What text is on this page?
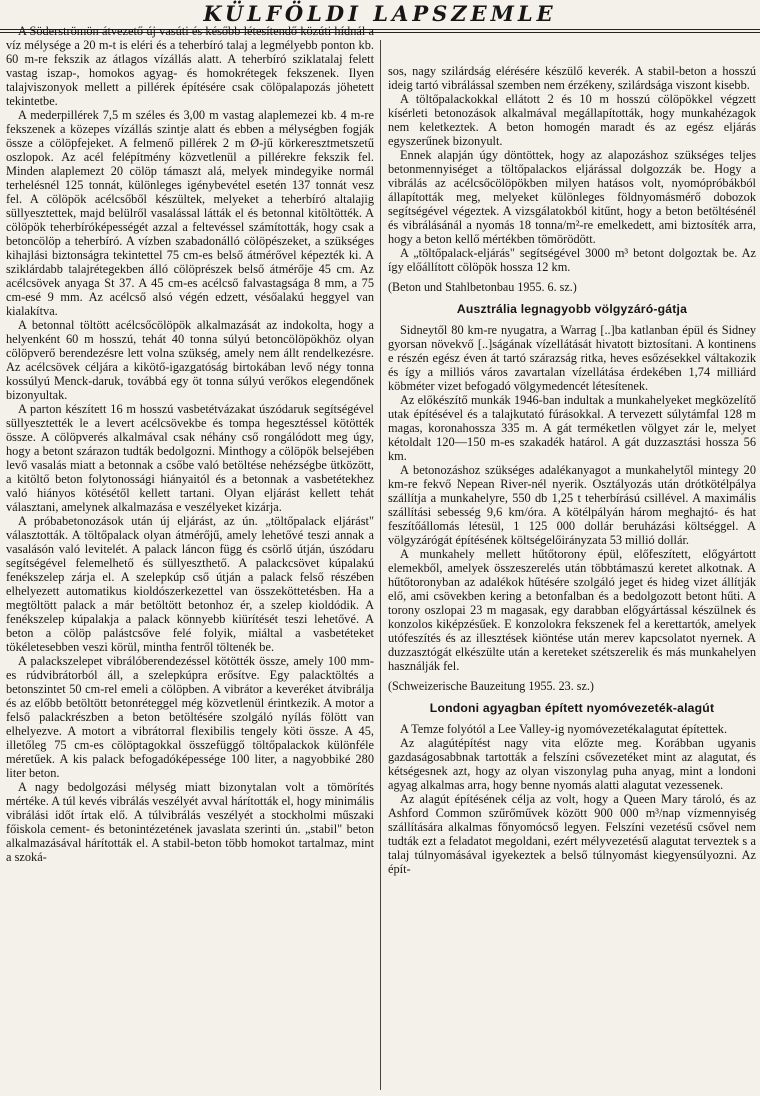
KÜLFÖLDI LAPSZEMLE

A Söderströmön átvezető új vasúti és később létesítendő közúti hídnál a víz mélysége a 20 m-t is eléri és a teherbíró talaj a legmélyebb ponton kb. 60 m-re fekszik az átlagos vízállás alatt. A teherbíró sziklatalaj felett vastag iszap-, homokos agyag- és homokrétegek fekszenek. Ilyen talajviszonyok mellett a pillérek építésére csak cölöpalapozás jöhetett tekintetbe.

A mederpillérek 7,5 m széles és 3,00 m vastag alaplemezei kb. 4 m-re fekszenek a közepes vízállás szintje alatt és ebben a mélységben fogják össze a cölöpfejeket. A felmenő pillérek 2 m Ø-jű körkeresztmetszetű oszlopok. Az acél felépítmény közvetlenül a pillérekre fekszik fel. Minden alaplemezt 20 cölöp támaszt alá, melyek mindegyike normál terhelésnél 125 tonnát, különleges igénybevétel esetén 137 tonnát vesz fel. A cölöpök acélcsőből készültek, melyeket a teherbíró altalajig süllyesztettek, majd belülről vasalással látták el és betonnal kitöltötték. A cölöpök teherbíróképességét azzal a feltevéssel számították, hogy csak a betoncölöp a teherbíró. A vízben szabadonálló cölöpészeket, a szükséges kihajlási biztonságra tekintettel 75 cm-es belső átmérővel képezték ki. A sziklárdabb talajrétegekben álló cölöprészek belső átmérője 45 cm. Az acélcsövek anyaga St 37. A 45 cm-es acélcső falvastagsága 8 mm, a 75 cm-esé 9 mm. Az acélcső alsó végén edzett, vésőalakú heggyel van kialakítva.

A betonnal töltött acélcsőcölöpök alkalmazását az indokolta, hogy a helyenként 60 m hosszú, tehát 40 tonna súlyú betoncölöpökhöz olyan cölöpverő berendezésre lett volna szükség, amely nem állt rendelkezésre. Az acélcsövek céljára a kikötő-igazgatóság birtokában levő négy tonna kossúlyú Menck-daruk, továbbá egy öt tonna súlyú verőkos elegendőnek bizonyultak.

A parton készített 16 m hosszú vasbetétvázakat úszódaruk segítségével süllyesztették le a levert acélcsövekbe és tompa hegesztéssel kötötték össze. A cölöpverés alkalmával csak néhány cső rongálódott meg úgy, hogy a betont szárazon tudták bedolgozni. Minthogy a cölöpök belsejében levő vasalás miatt a betonnak a csőbe való betöltése nehézségbe ütközött, a kitöltő beton folytonossági hiányaitól és a betonnak a vasbetétekhez való hiányos kötésétől kellett tartani. Olyan eljárást kellett tehát választani, amelynek alkalmazása e veszélyeket kizárja.

A próbabetonozások után új eljárást, az ún. „töltőpalack eljárást" választották. A töltőpalack olyan átmérőjű, amely lehetővé teszi annak a vasalásón való levitelét. A palack láncon függ és csörlő útján, úszódaru segítségével felemelhető és süllyeszthető. A palackcsövet kúpalakú fenékszelep zárja el. A szelepkúp cső útján a palack felső részében elhelyezett automatikus kioldószerkezettel van összeköttetésben. Ha a megtöltött palack a már betöltött betonhoz ér, a szelep kioldódik. A fenékszelep kúpalakja a palack könnyebb kiürítését teszi lehetővé. A beton a cölöp palástcsőve felé folyik, miáltal a vasbetéteket tökéletesebben veszi körül, mintha fentről töltenék be.

A palackszelepet vibrálóberendezéssel kötötték össze, amely 100 mm-es rúdvibrátorból áll, a szelepkúpra erősítve. Egy palacktöltés a betonszintet 50 cm-rel emeli a cölöpben. A vibrátor a keveréket átvibrálja és az előbb betöltött betonréteggel még közvetlenül érintkezik. A motor a felső palackrészben a beton betöltésére szolgáló nyílás fölött van elhelyezve. A motort a vibrátorral flexibilis tengely köti össze. A 45, illetőleg 75 cm-es cölöptagokkal összefüggő töltőpalackok különféle méretűek. A kis palack befogadóképessége 100 liter, a nagyobbiké 280 liter beton.

A nagy bedolgozási mélység miatt bizonytalan volt a tömörítés mértéke. A túl kevés vibrálás veszélyét avval hárították el, hogy minimális vibrálási időt írtak elő. A túlvibrálás veszélyét a stockholmi műszaki főiskola cement- és betonintézetének javaslata szerinti ún. „stabil" beton alkalmazásával hárították el. A stabil-beton több homokot tartalmaz, mint a szoká-

sos, nagy szilárdság elérésére készülő keverék. A stabil-beton a hosszú ideig tartó vibrálással szemben nem érzékeny, szilárdsága viszont kisebb.

A töltőpalackokkal ellátott 2 és 10 m hosszú cölöpökkel végzett kísérleti betonozások alkalmával megállapították, hogy munkahézagok nem keletkeztek. A beton homogén maradt és az egész eljárás egyszerűnek bizonyult.

Ennek alapján úgy döntöttek, hogy az alapozáshoz szükséges teljes betonmennyiséget a töltőpalackos eljárással dolgozzák be. Hogy a vibrálás az acélcsőcölöpökben milyen hatásos volt, nyomópróbákból állapították meg, melyeket különleges földnyomásmérő dobozok segítségével végeztek. A vizsgálatokból kitűnt, hogy a beton betöltésénél és vibrálásánál a nyomás 18 tonna/m²-re emelkedett, ami biztosíték arra, hogy a beton kellő mértékben tömörödött.

A „töltőpalack-eljárás" segítségével 3000 m³ betont dolgoztak be. Az így előállított cölöpök hossza 12 km.

(Beton und Stahlbetonbau 1955. 6. sz.)

Ausztrália legnagyobb völgyzáró-gátja

Sidneytől 80 km-re nyugatra, a Warrag [..]ba katlanban épül és Sidney gyorsan növekvő [..]ságának vízellátását hivatott biztosítani. A kontinens e részén egész éven át tartó szárazság ritka, heves esőzésekkel váltakozik és így a milliós város zavartalan vízellátása érdekében 1,74 milliárd köbméter vizet befogadó völgymedencét létesítenek.

Az előkészítő munkák 1946-ban indultak a munkahelyeket megközelítő utak építésével és a talajkutató fúrásokkal. A tervezett súlytámfal 128 m magas, koronahossza 335 m. A gát terméketlen völgyet zár le, melyet kétoldalt 120—150 m-es szakadék határol. A gát duzzasztási hossza 56 km.

A betonozáshoz szükséges adalékanyagot a munkahelytől mintegy 20 km-re fekvő Nepean River-nél nyerik. Osztályozás után drótkötélpálya szállítja a munkahelyre, 550 db 1,25 t teherbírású csillével. A maximális szállítási sebesség 9,6 km/óra. A kötélpályán három meghajtó- és hat feszítőállomás létesül, 1 125 000 dollár beruházási költséggel. A völgyzárógát építésének költségelőirányzata 53 millió dollár.

A munkahely mellett hűtőtorony épül, előfeszített, előgyártott elemekből, amelyek összeszerelés után többtámaszú keretet alkotnak. A hűtőtoronyban az adalékok hűtésére szolgáló jeget és hideg vizet állítják elő, ami csövekben kering a betonfalban és a bedolgozott betont hűti. A torony oszlopai 23 m magasak, egy darabban előgyártással készülnek és konzolos kiképzésűek. E konzolokra fekszenek fel a kerettartók, amelyek utófeszítés és az illesztések kiöntése után merev kapcsolatot nyernek. A duzzasztógát elkészülte után a kereteket szétszerelik és más munkahelyen használják fel.

(Schweizerische Bauzeitung 1955. 23. sz.)

Londoni agyagban épített nyomóvezeték-alagút

A Temze folyótól a Lee Valley-ig nyomóvezetékalagutat építettek.

Az alagútépítést nagy vita előzte meg. Korábban ugyanis gazdaságosabbnak tartották a felszíni csővezetéket mint az alagutat, és kétségesnek azt, hogy az olyan viszonylag puha anyag, mint a londoni agyag alkalmas arra, hogy benne nyomás alatti alagutat vezessenek.

Az alagút építésének célja az volt, hogy a Queen Mary tároló, és az Ashford Common szűrőművek között 900 000 m³/nap vízmennyiség szállítására alkalmas főnyomócső legyen. Felszíni vezetésű csővel nem tudták ezt a feladatot megoldani, ezért mélyvezetésű alagutat terveztek s a talaj túlnyomásával igyekeztek a belső túlnyomást kiegyensúlyozni. Az épít-
